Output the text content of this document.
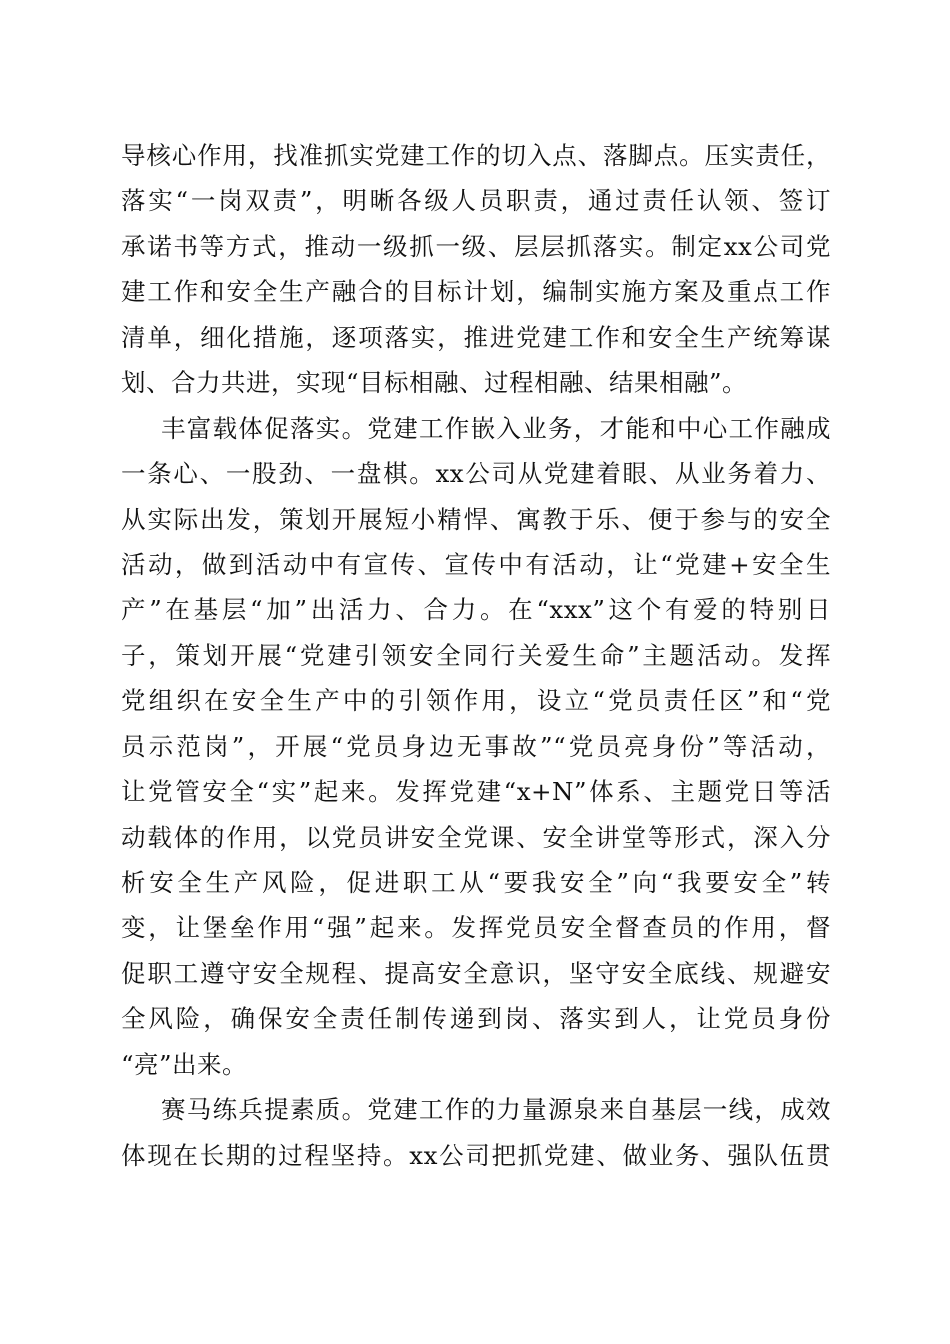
导核心作用，找准抓实党建工作的切入点、落脚点。压实责任，
落实“一岗双责”，明晰各级人员职责，通过责任认领、签订
承诺书等方式，推动一级抓一级、层层抓落实。制定xx公司党
建工作和安全生产融合的目标计划，编制实施方案及重点工作
清单，细化措施，逐项落实，推进党建工作和安全生产统筹谋
划、合力共进，实现“目标相融、过程相融、结果相融”。
丰富载体促落实。党建工作嵌入业务，才能和中心工作融成
一条心、一股劲、一盘棋。xx公司从党建着眼、从业务着力、
从实际出发，策划开展短小精悍、寓教于乐、便于参与的安全
活动，做到活动中有宣传、宣传中有活动，让“党建+安全生
产”在基层“加”出活力、合力。在“xxx”这个有爱的特别日
子，策划开展“党建引领安全同行关爱生命”主题活动。发挥
党组织在安全生产中的引领作用，设立“党员责任区”和“党
员示范岗”，开展“党员身边无事故”“党员亮身份”等活动，
让党管安全“实”起来。发挥党建“x+N”体系、主题党日等活
动载体的作用，以党员讲安全党课、安全讲堂等形式，深入分
析安全生产风险，促进职工从“要我安全”向“我要安全”转
变，让堡垒作用“强”起来。发挥党员安全督查员的作用，督
促职工遵守安全规程、提高安全意识，坚守安全底线、规避安
全风险，确保安全责任制传递到岗、落实到人，让党员身份
“亮”出来。
赛马练兵提素质。党建工作的力量源泉来自基层一线，成效
体现在长期的过程坚持。xx公司把抓党建、做业务、强队伍贯
